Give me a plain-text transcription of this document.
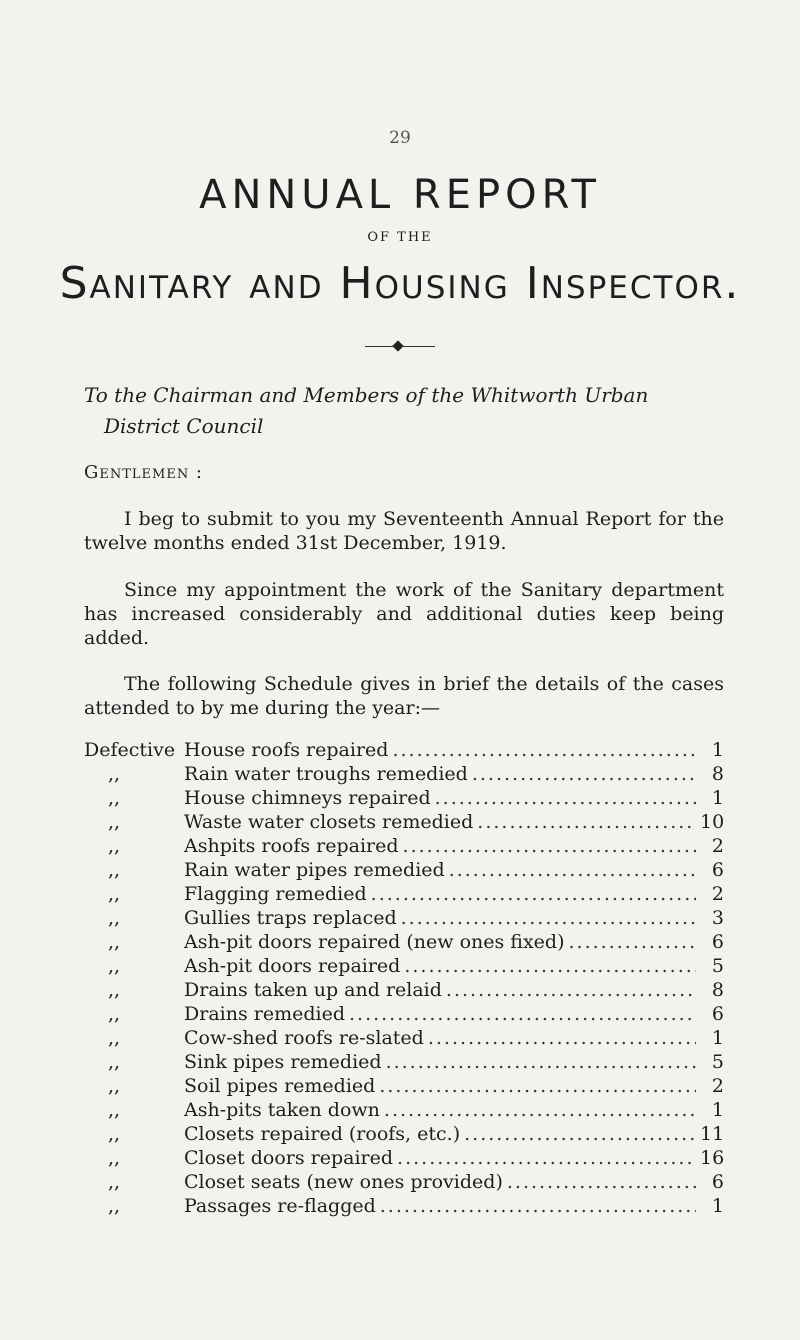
29
ANNUAL REPORT
OF THE
Sanitary and Housing Inspector.
To the Chairman and Members of the Whitworth Urban
District Council
Gentlemen :
I beg to submit to you my Seventeenth Annual Report for the twelve months ended 31st December, 1919.
Since my appointment the work of the Sanitary department has increased considerably and additional duties keep being added.
The following Schedule gives in brief the details of the cases attended to by me during the year:—
Defective House roofs repaired .....	1
,,	Rain water troughs remedied .....	8
,,	House chimneys repaired .....	1
,,	Waste water closets remedied .....	10
,,	Ashpits roofs repaired .....	2
,,	Rain water pipes remedied .....	6
,,	Flagging remedied .....	2
,,	Gullies traps replaced .....	3
,,	Ash-pit doors repaired (new ones fixed) .....	6
,,	Ash-pit doors repaired .....	5
,,	Drains taken up and relaid .....	8
,,	Drains remedied .....	6
,,	Cow-shed roofs re-slated .....	1
,,	Sink pipes remedied .....	5
,,	Soil pipes remedied .....	2
,,	Ash-pits taken down .....	1
,,	Closets repaired (roofs, etc.) .....	11
,,	Closet doors repaired .....	16
,,	Closet seats (new ones provided) .....	6
,,	Passages re-flagged .....	1
